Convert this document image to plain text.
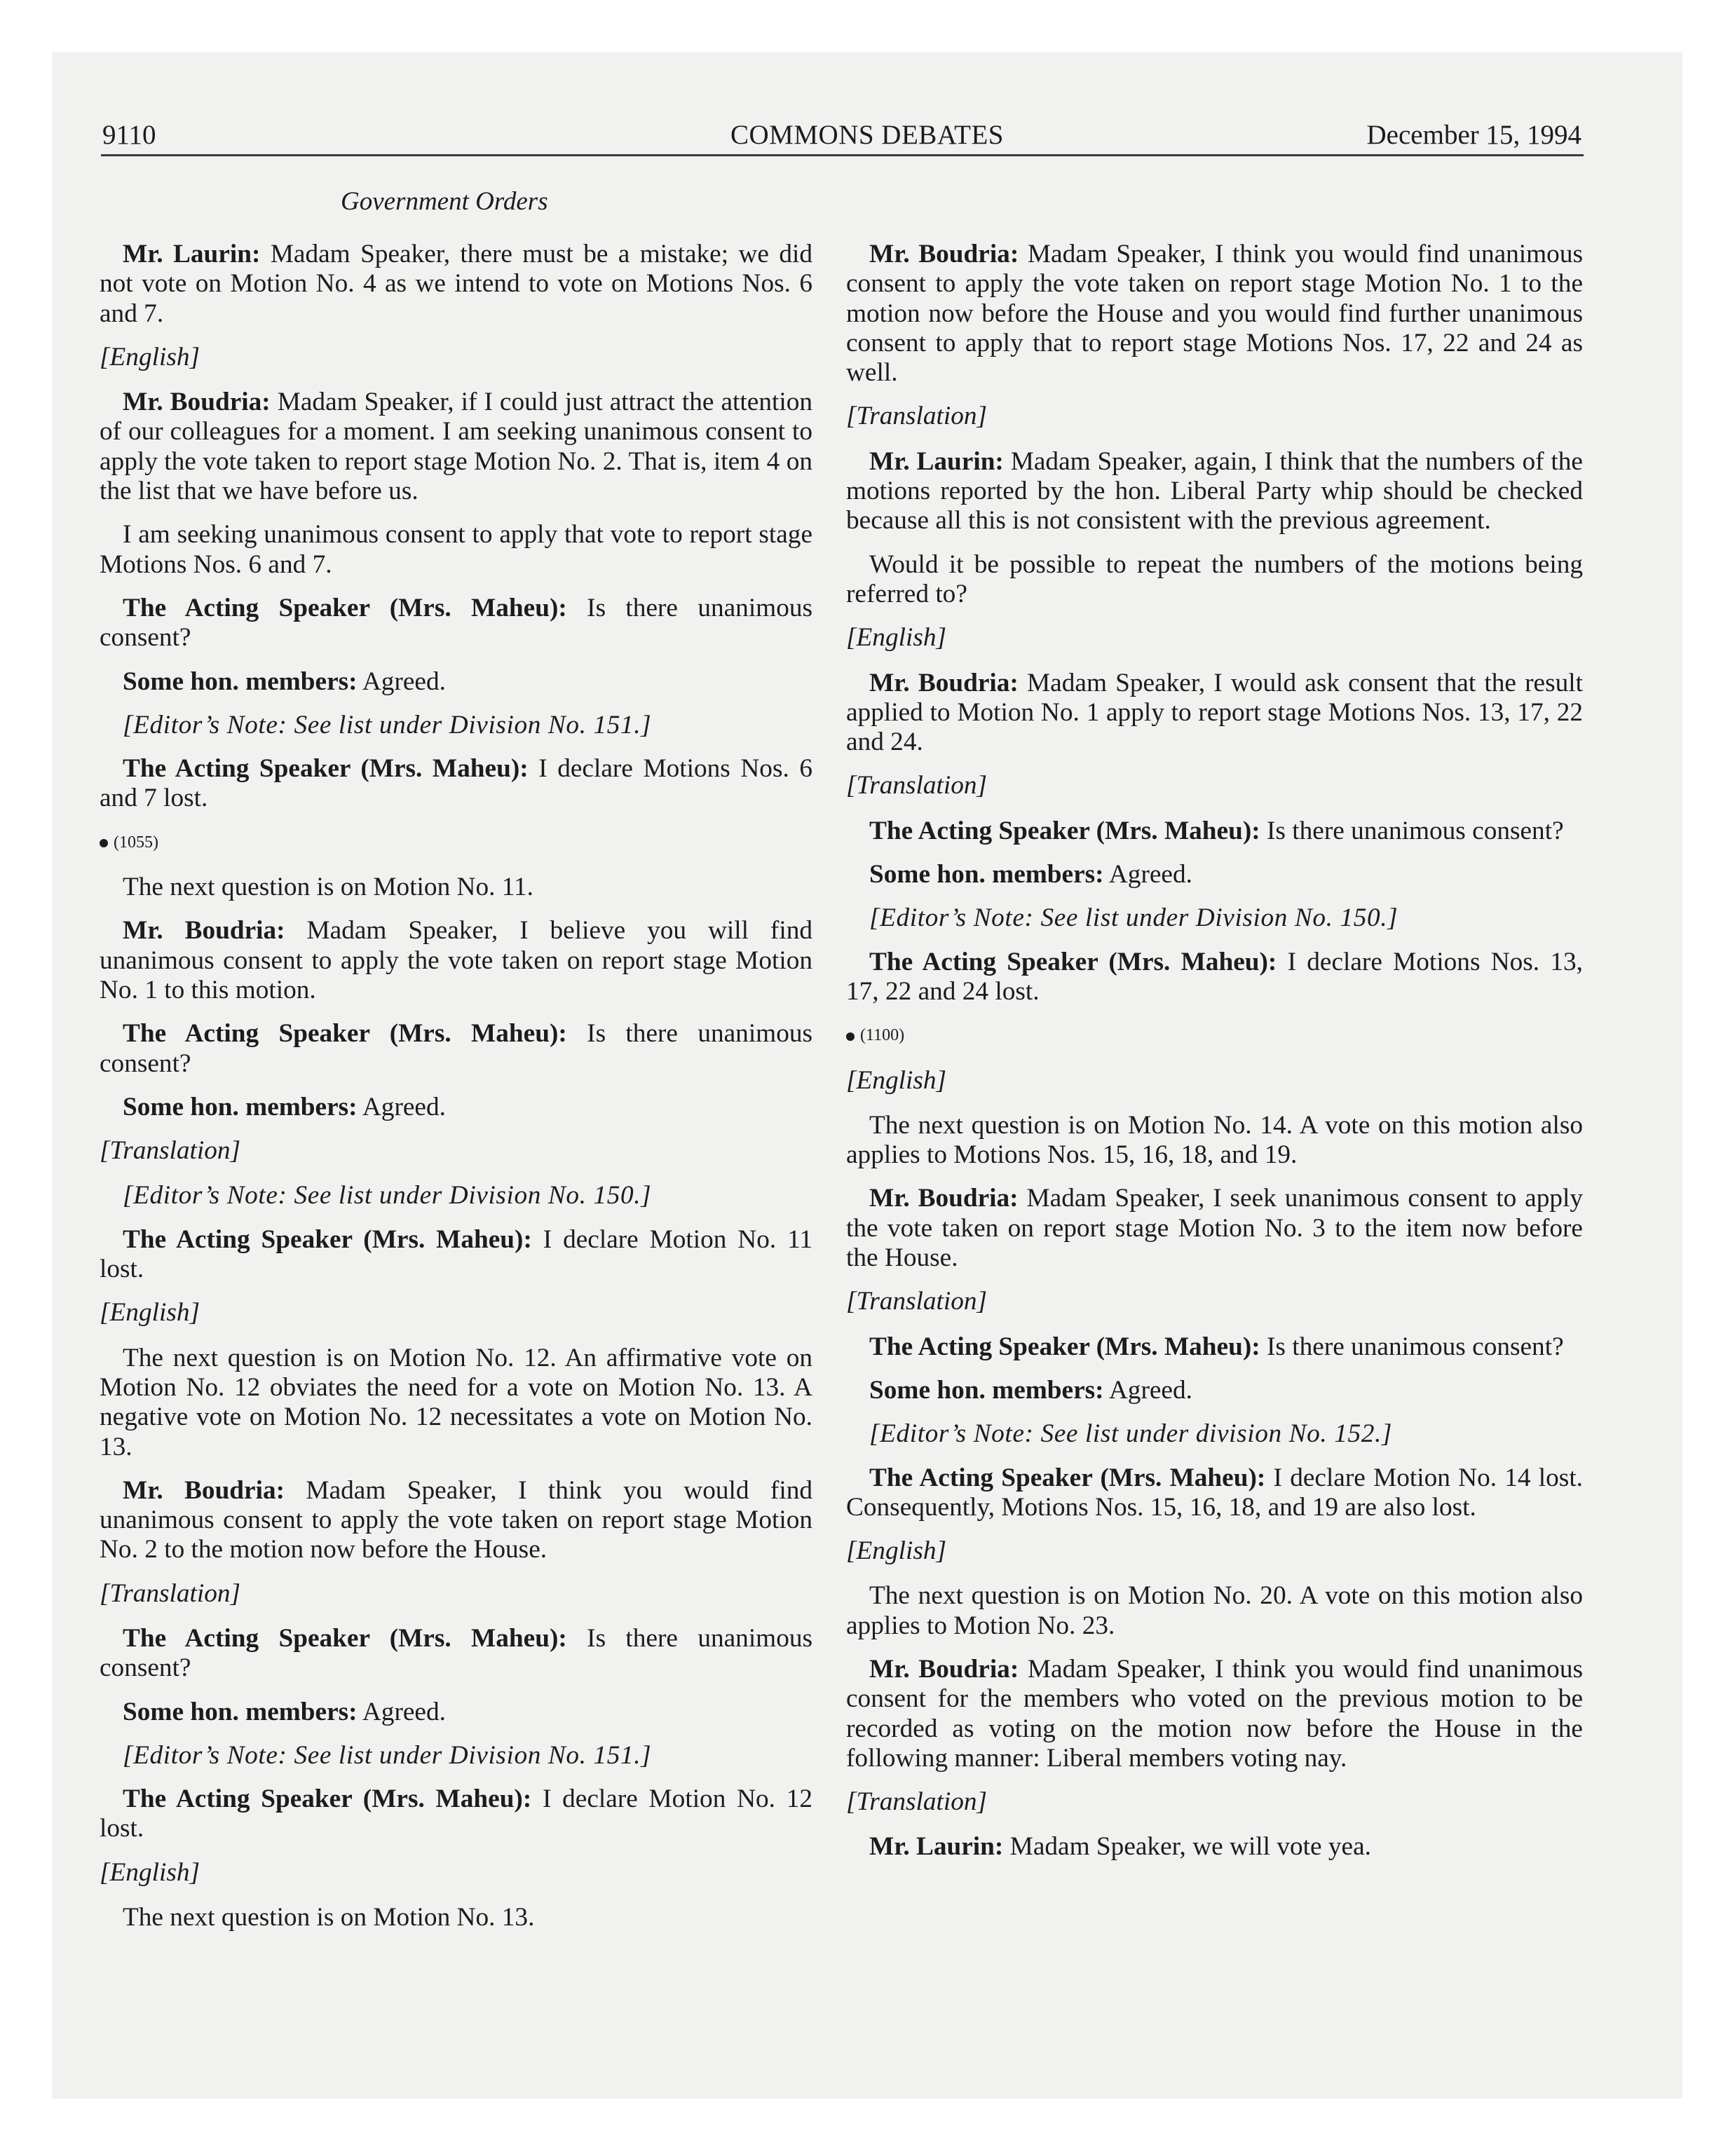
9110	COMMONS DEBATES	December 15, 1994
Government Orders

Mr. Laurin: Madam Speaker, there must be a mistake; we did not vote on Motion No. 4 as we intend to vote on Motions Nos. 6 and 7.

[English]

Mr. Boudria: Madam Speaker, if I could just attract the attention of our colleagues for a moment. I am seeking unanimous consent to apply the vote taken to report stage Motion No. 2. That is, item 4 on the list that we have before us.

I am seeking unanimous consent to apply that vote to report stage Motions Nos. 6 and 7.

The Acting Speaker (Mrs. Maheu): Is there unanimous consent?

Some hon. members: Agreed.

[Editor’s Note: See list under Division No. 151.]

The Acting Speaker (Mrs. Maheu): I declare Motions Nos. 6 and 7 lost.

(1055)

The next question is on Motion No. 11.

Mr. Boudria: Madam Speaker, I believe you will find unanimous consent to apply the vote taken on report stage Motion No. 1 to this motion.

The Acting Speaker (Mrs. Maheu): Is there unanimous consent?

Some hon. members: Agreed.

[Translation]

[Editor’s Note: See list under Division No. 150.]

The Acting Speaker (Mrs. Maheu): I declare Motion No. 11 lost.

[English]

The next question is on Motion No. 12. An affirmative vote on Motion No. 12 obviates the need for a vote on Motion No. 13. A negative vote on Motion No. 12 necessitates a vote on Motion No. 13.

Mr. Boudria: Madam Speaker, I think you would find unanimous consent to apply the vote taken on report stage Motion No. 2 to the motion now before the House.

[Translation]

The Acting Speaker (Mrs. Maheu): Is there unanimous consent?

Some hon. members: Agreed.

[Editor’s Note: See list under Division No. 151.]

The Acting Speaker (Mrs. Maheu): I declare Motion No. 12 lost.

[English]

The next question is on Motion No. 13.

Mr. Boudria: Madam Speaker, I think you would find unanimous consent to apply the vote taken on report stage Motion No. 1 to the motion now before the House and you would find further unanimous consent to apply that to report stage Motions Nos. 17, 22 and 24 as well.

[Translation]

Mr. Laurin: Madam Speaker, again, I think that the numbers of the motions reported by the hon. Liberal Party whip should be checked because all this is not consistent with the previous agreement.

Would it be possible to repeat the numbers of the motions being referred to?

[English]

Mr. Boudria: Madam Speaker, I would ask consent that the result applied to Motion No. 1 apply to report stage Motions Nos. 13, 17, 22 and 24.

[Translation]

The Acting Speaker (Mrs. Maheu): Is there unanimous consent?

Some hon. members: Agreed.

[Editor’s Note: See list under Division No. 150.]

The Acting Speaker (Mrs. Maheu): I declare Motions Nos. 13, 17, 22 and 24 lost.

(1100)

[English]

The next question is on Motion No. 14. A vote on this motion also applies to Motions Nos. 15, 16, 18, and 19.

Mr. Boudria: Madam Speaker, I seek unanimous consent to apply the vote taken on report stage Motion No. 3 to the item now before the House.

[Translation]

The Acting Speaker (Mrs. Maheu): Is there unanimous consent?

Some hon. members: Agreed.

[Editor’s Note: See list under division No. 152.]

The Acting Speaker (Mrs. Maheu): I declare Motion No. 14 lost. Consequently, Motions Nos. 15, 16, 18, and 19 are also lost.

[English]

The next question is on Motion No. 20. A vote on this motion also applies to Motion No. 23.

Mr. Boudria: Madam Speaker, I think you would find unanimous consent for the members who voted on the previous motion to be recorded as voting on the motion now before the House in the following manner: Liberal members voting nay.

[Translation]

Mr. Laurin: Madam Speaker, we will vote yea.
